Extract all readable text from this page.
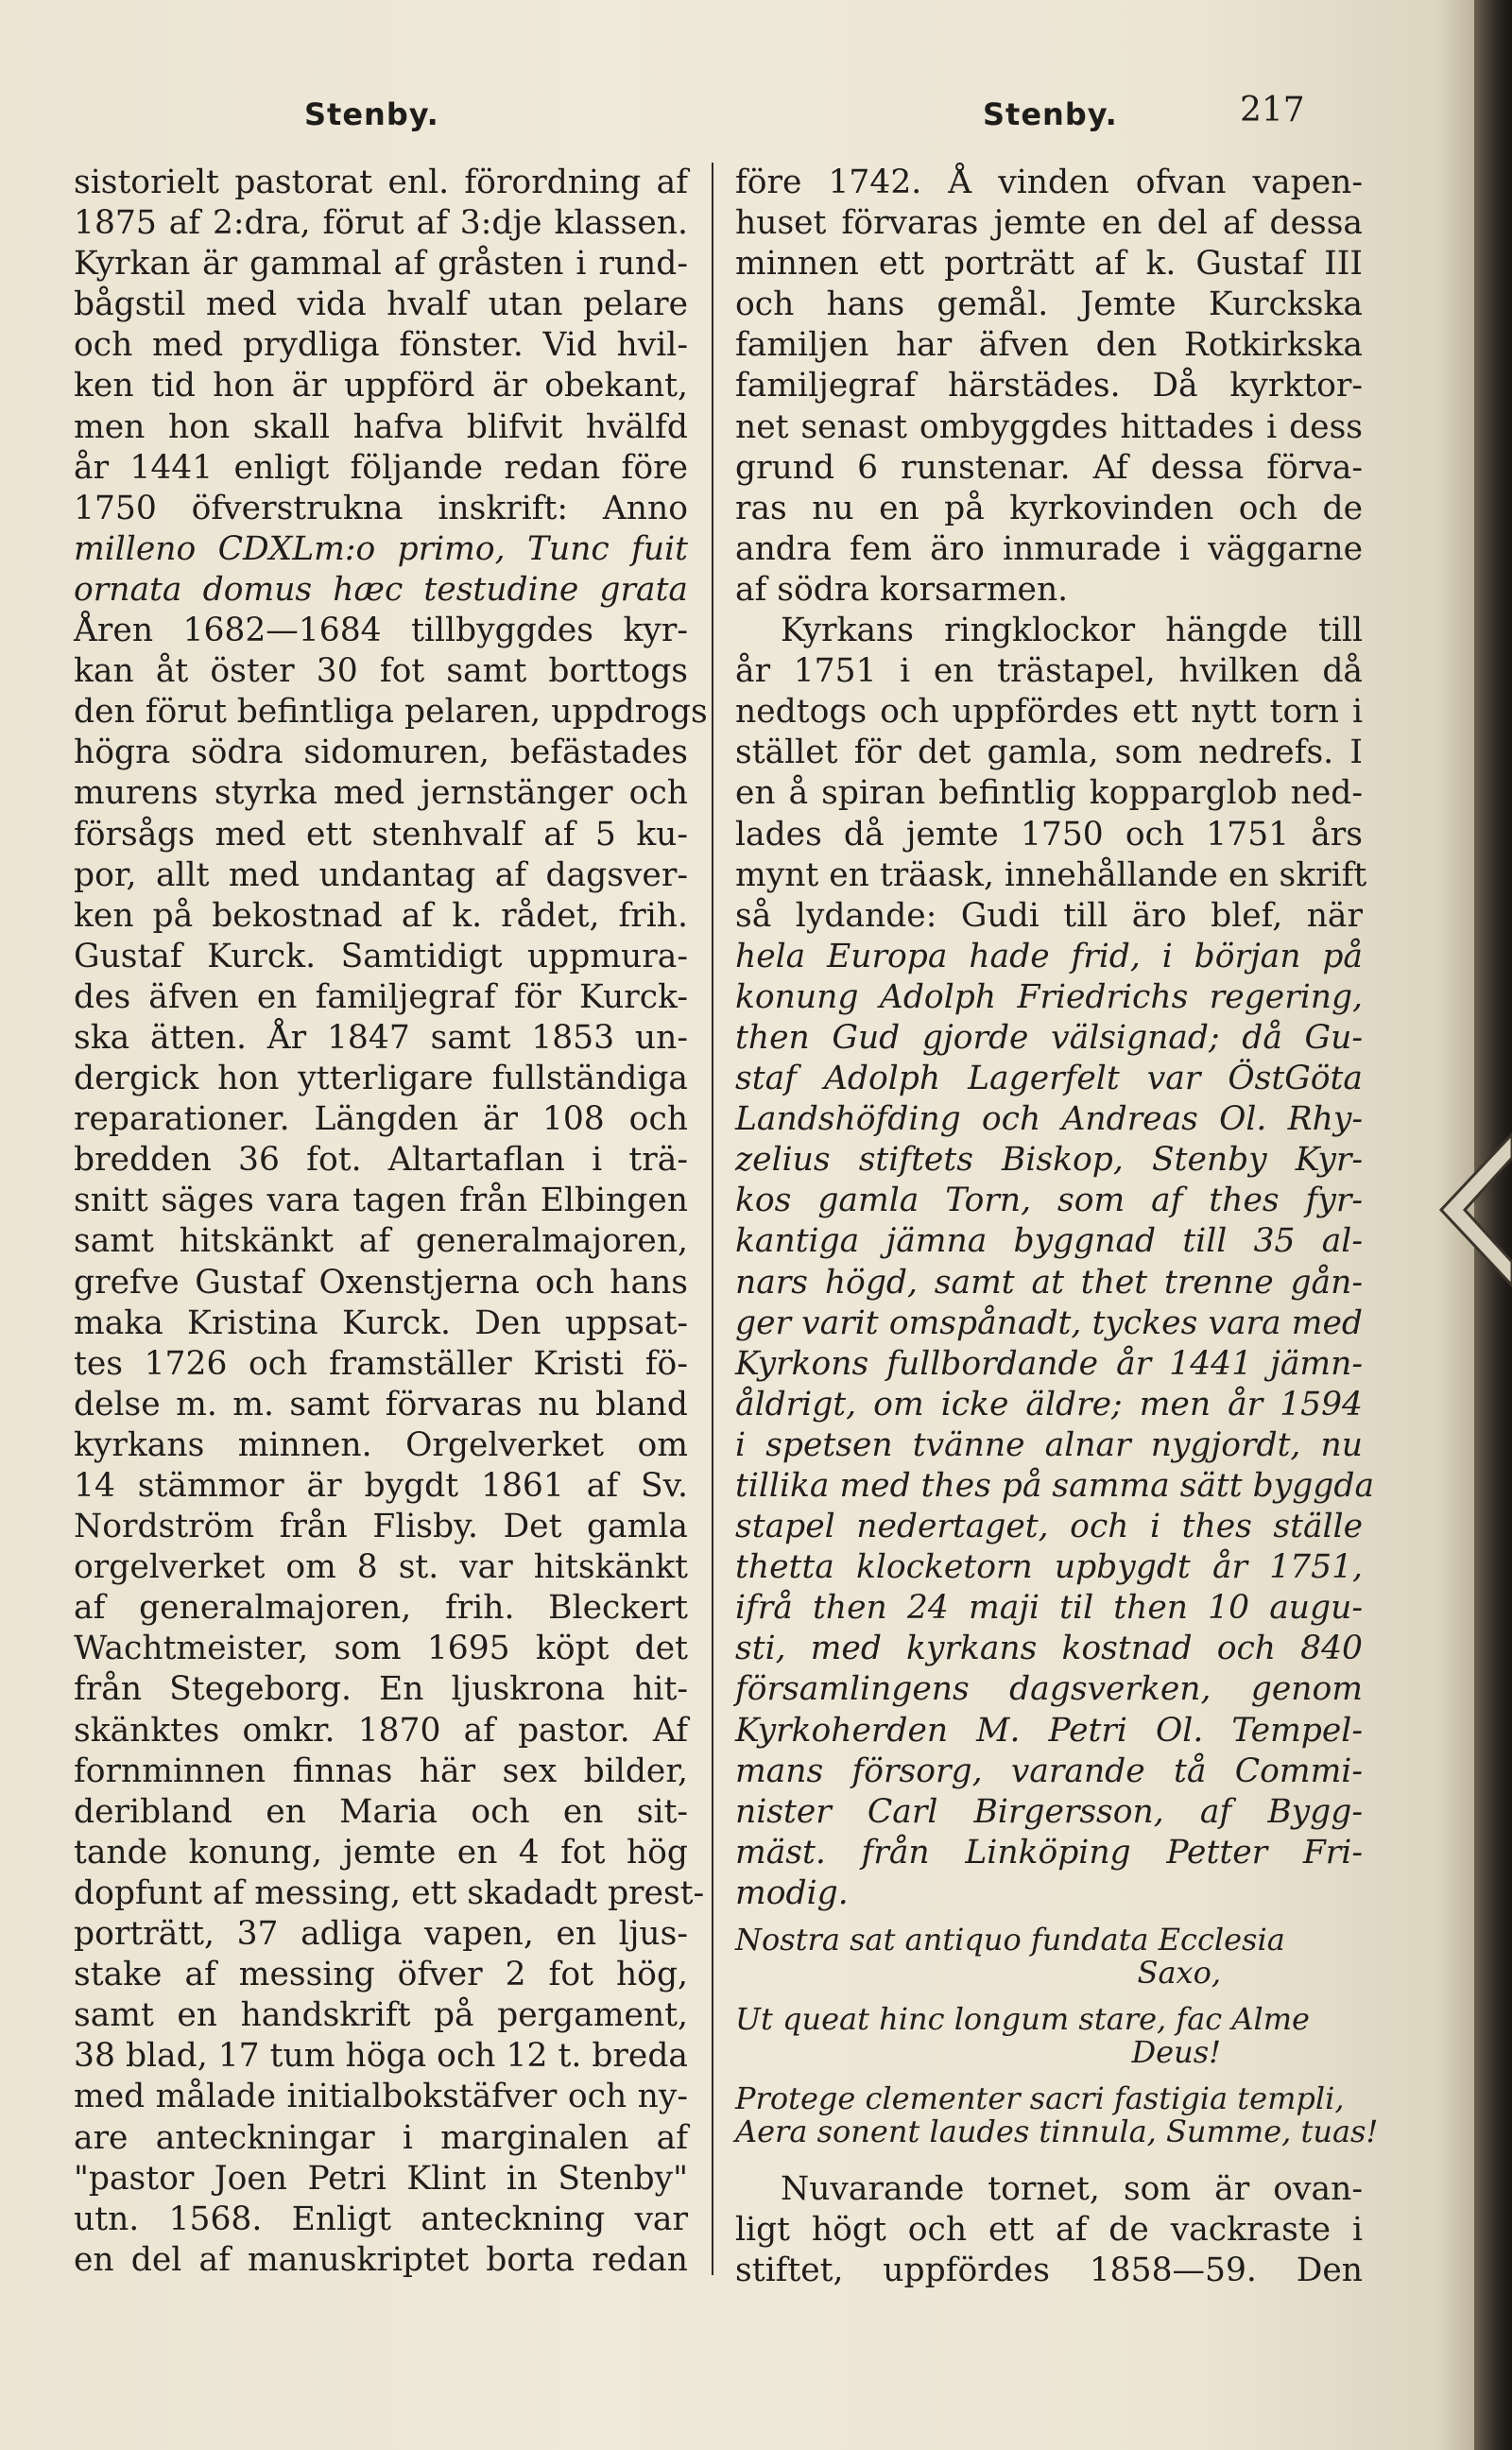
Stenby.	Stenby.	217
sistorielt pastorat enl. förordning af
1875 af 2:dra, förut af 3:dje klassen.
Kyrkan är gammal af gråsten i rund-
bågstil med vida hvalf utan pelare
och med prydliga fönster. Vid hvil-
ken tid hon är uppförd är obekant,
men hon skall hafva blifvit hvälfd
år 1441 enligt följande redan före
1750 öfverstrukna inskrift: Anno
milleno CDXLm:o primo, Tunc fuit
ornata domus hæc testudine grata
Åren 1682—1684 tillbyggdes kyr-
kan åt öster 30 fot samt borttogs
den förut befintliga pelaren, uppdrogs
högra södra sidomuren, befästades
murens styrka med jernstänger och
försågs med ett stenhvalf af 5 ku-
por, allt med undantag af dagsver-
ken på bekostnad af k. rådet, frih.
Gustaf Kurck. Samtidigt uppmura-
des äfven en familjegraf för Kurck-
ska ätten. År 1847 samt 1853 un-
dergick hon ytterligare fullständiga
reparationer. Längden är 108 och
bredden 36 fot. Altartaflan i trä-
snitt säges vara tagen från Elbingen
samt hitskänkt af generalmajoren,
grefve Gustaf Oxenstjerna och hans
maka Kristina Kurck. Den uppsat-
tes 1726 och framställer Kristi fö-
delse m. m. samt förvaras nu bland
kyrkans minnen. Orgelverket om
14 stämmor är bygdt 1861 af Sv.
Nordström från Flisby. Det gamla
orgelverket om 8 st. var hitskänkt
af generalmajoren, frih. Bleckert
Wachtmeister, som 1695 köpt det
från Stegeborg. En ljuskrona hit-
skänktes omkr. 1870 af pastor. Af
fornminnen finnas här sex bilder,
deribland en Maria och en sit-
tande konung, jemte en 4 fot hög
dopfunt af messing, ett skadadt prest-
porträtt, 37 adliga vapen, en ljus-
stake af messing öfver 2 fot hög,
samt en handskrift på pergament,
38 blad, 17 tum höga och 12 t. breda
med målade initialbokstäfver och ny-
are anteckningar i marginalen af
"pastor Joen Petri Klint in Stenby"
utn. 1568. Enligt anteckning var
en del af manuskriptet borta redan
före 1742. Å vinden ofvan vapen-
huset förvaras jemte en del af dessa
minnen ett porträtt af k. Gustaf III
och hans gemål. Jemte Kurckska
familjen har äfven den Rotkirkska
familjegraf härstädes. Då kyrktor-
net senast ombyggdes hittades i dess
grund 6 runstenar. Af dessa förva-
ras nu en på kyrkovinden och de
andra fem äro inmurade i väggarne
af södra korsarmen.
Kyrkans ringklockor hängde till
år 1751 i en trästapel, hvilken då
nedtogs och uppfördes ett nytt torn i
stället för det gamla, som nedrefs. I
en å spiran befintlig kopparglob ned-
lades då jemte 1750 och 1751 års
mynt en träask, innehållande en skrift
så lydande: Gudi till äro blef, när
hela Europa hade frid, i början på
konung Adolph Friedrichs regering,
then Gud gjorde välsignad; då Gu-
staf Adolph Lagerfelt var ÖstGöta
Landshöfding och Andreas Ol. Rhy-
zelius stiftets Biskop, Stenby Kyr-
kos gamla Torn, som af thes fyr-
kantiga jämna byggnad till 35 al-
nars högd, samt at thet trenne gån-
ger varit omspånadt, tyckes vara med
Kyrkons fullbordande år 1441 jämn-
åldrigt, om icke äldre; men år 1594
i spetsen tvänne alnar nygjordt, nu
tillika med thes på samma sätt byggda
stapel nedertaget, och i thes ställe
thetta klocketorn upbygdt år 1751,
ifrå then 24 maji til then 10 augu-
sti, med kyrkans kostnad och 840
församlingens dagsverken, genom
Kyrkoherden M. Petri Ol. Tempel-
mans försorg, varande tå Commi-
nister Carl Birgersson, af Bygg-
mäst. från Linköping Petter Fri-
modig.
Nostra sat antiquo fundata Ecclesia
Saxo,
Ut queat hinc longum stare, fac Alme
Deus!
Protege clementer sacri fastigia templi,
Aera sonent laudes tinnula, Summe, tuas!
Nuvarande tornet, som är ovan-
ligt högt och ett af de vackraste i
stiftet, uppfördes 1858—59. Den
